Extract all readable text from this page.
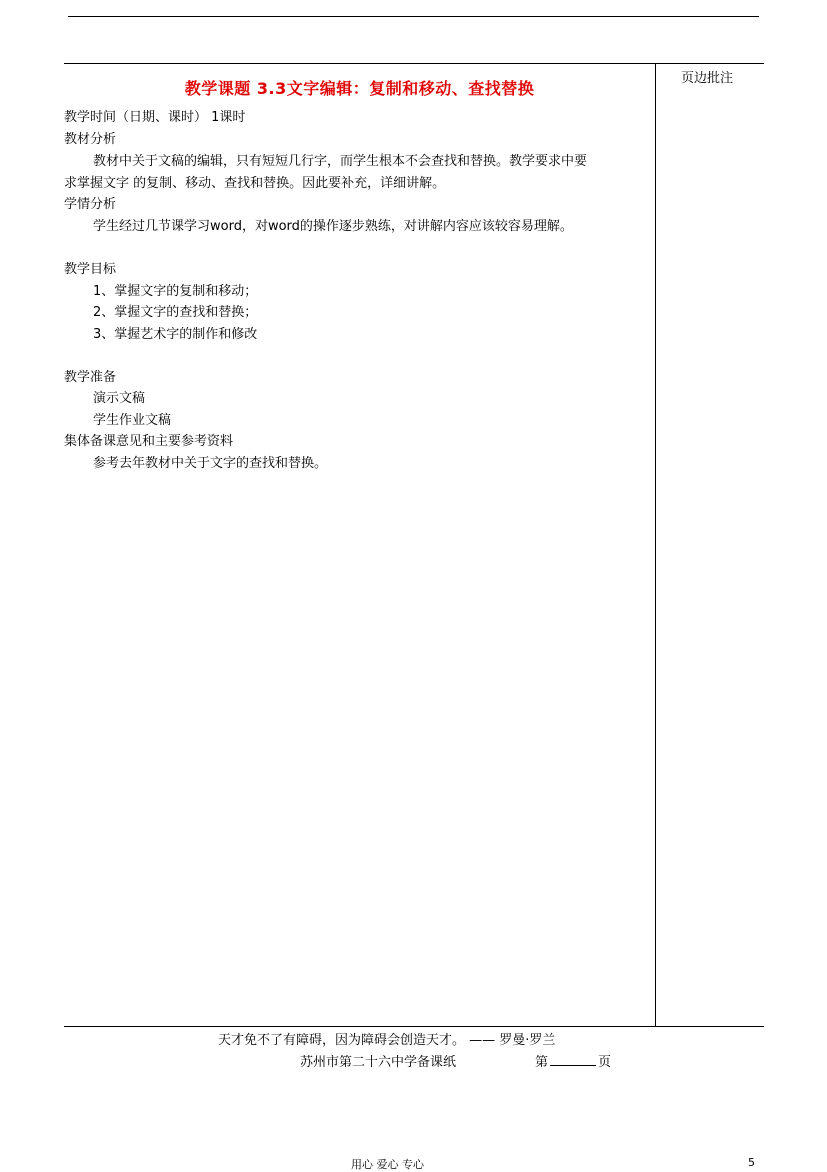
页边批注
教学课题 3.3文字编辑：复制和移动、查找替换
教学时间（日期、课时） 1课时
教材分析
教材中关于文稿的编辑，只有短短几行字，而学生根本不会查找和替换。教学要求中要
求掌握文字 的复制、移动、查找和替换。因此要补充，详细讲解。
学情分析
学生经过几节课学习word，对word的操作逐步熟练，对讲解内容应该较容易理解。
教学目标
1、掌握文字的复制和移动；
2、掌握文字的查找和替换；
3、掌握艺术字的制作和修改
教学准备
演示文稿
学生作业文稿
集体备课意见和主要参考资料
参考去年教材中关于文字的查找和替换。
天才免不了有障碍，因为障碍会创造天才。 —— 罗曼·罗兰
苏州市第二十六中学备课纸	第	页
用心 爱心 专心	5
